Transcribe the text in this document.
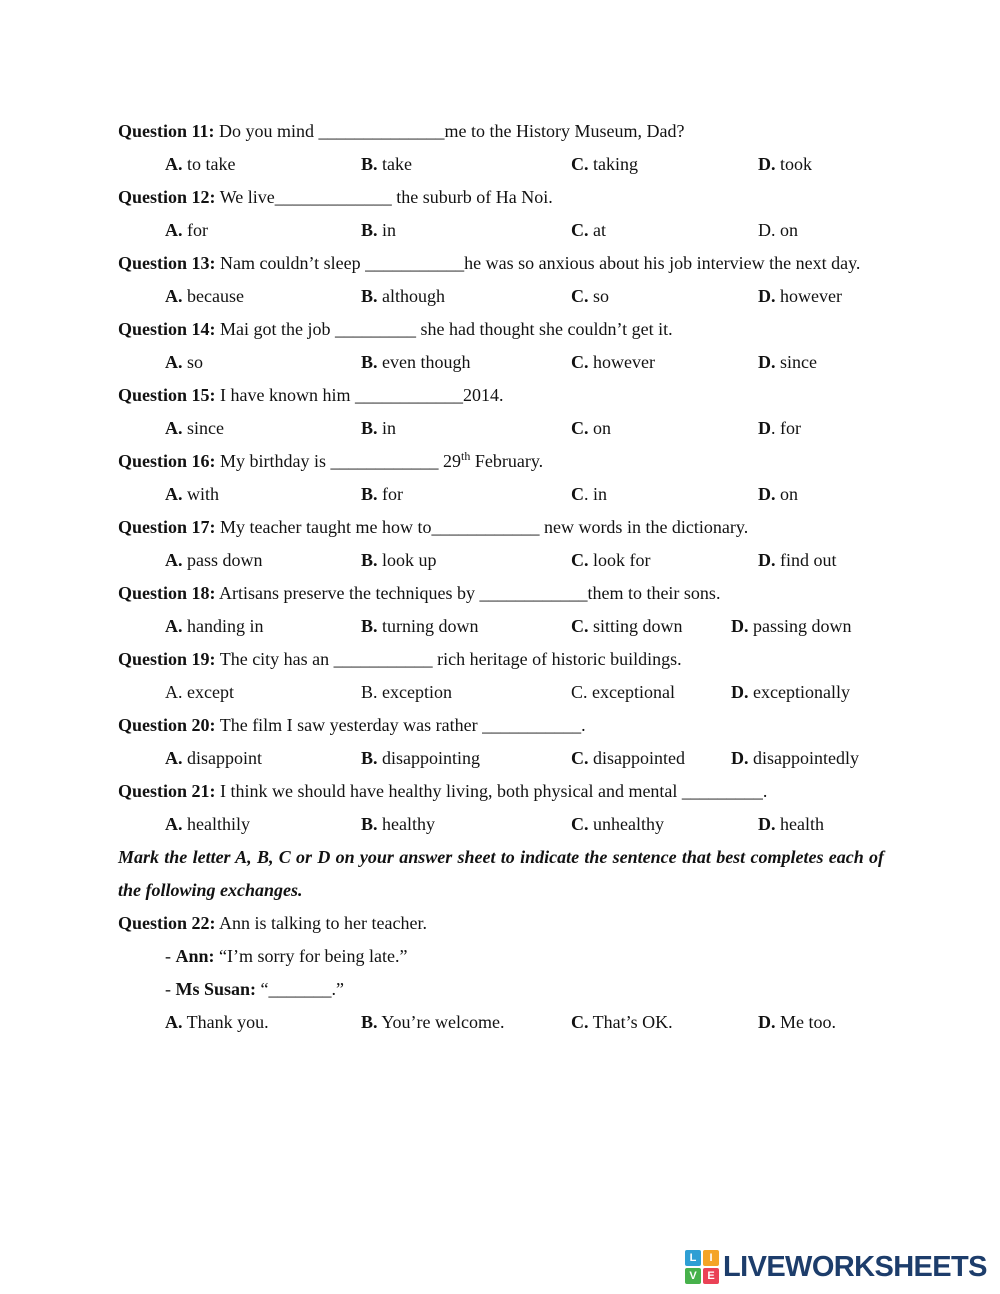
Question 11: Do you mind ______________me to the History Museum, Dad?
A. to take	B. take	C. taking	D. took
Question 12: We live_____________ the suburb of Ha Noi.
A. for	B. in	C. at	D. on
Question 13: Nam couldn’t sleep ___________he was so anxious about his job interview the next day.
A. because	B. although	C. so	D. however
Question 14: Mai got the job _________ she had thought she couldn’t get it.
A. so	B. even though	C. however	D. since
Question 15: I have known him ____________2014.
A. since	B. in	C. on	D. for
Question 16: My birthday is ____________ 29th February.
A. with	B. for	C. in	D. on
Question 17: My teacher taught me how to____________ new words in the dictionary.
A. pass down	B. look up	C. look for	D. find out
Question 18: Artisans preserve the techniques by ____________them to their sons.
A. handing in	B. turning down	C. sitting down	D. passing down
Question 19: The city has an ___________ rich heritage of historic buildings.
A. except	B. exception	C. exceptional	D. exceptionally
Question 20: The film I saw yesterday was rather ___________.
A. disappoint	B. disappointing	C. disappointed	D. disappointedly
Question 21: I think we should have healthy living, both physical and mental _________.
A. healthily	B. healthy	C. unhealthy	D. health
Mark the letter A, B, C or D on your answer sheet to indicate the sentence that best completes each of the following exchanges.
Question 22: Ann is talking to her teacher.
- Ann: “I’m sorry for being late.”
- Ms Susan: “_______.”
A. Thank you.	B. You’re welcome.	C. That’s OK.	D. Me too.
L	I
V E LIVEWORKSHEETS
